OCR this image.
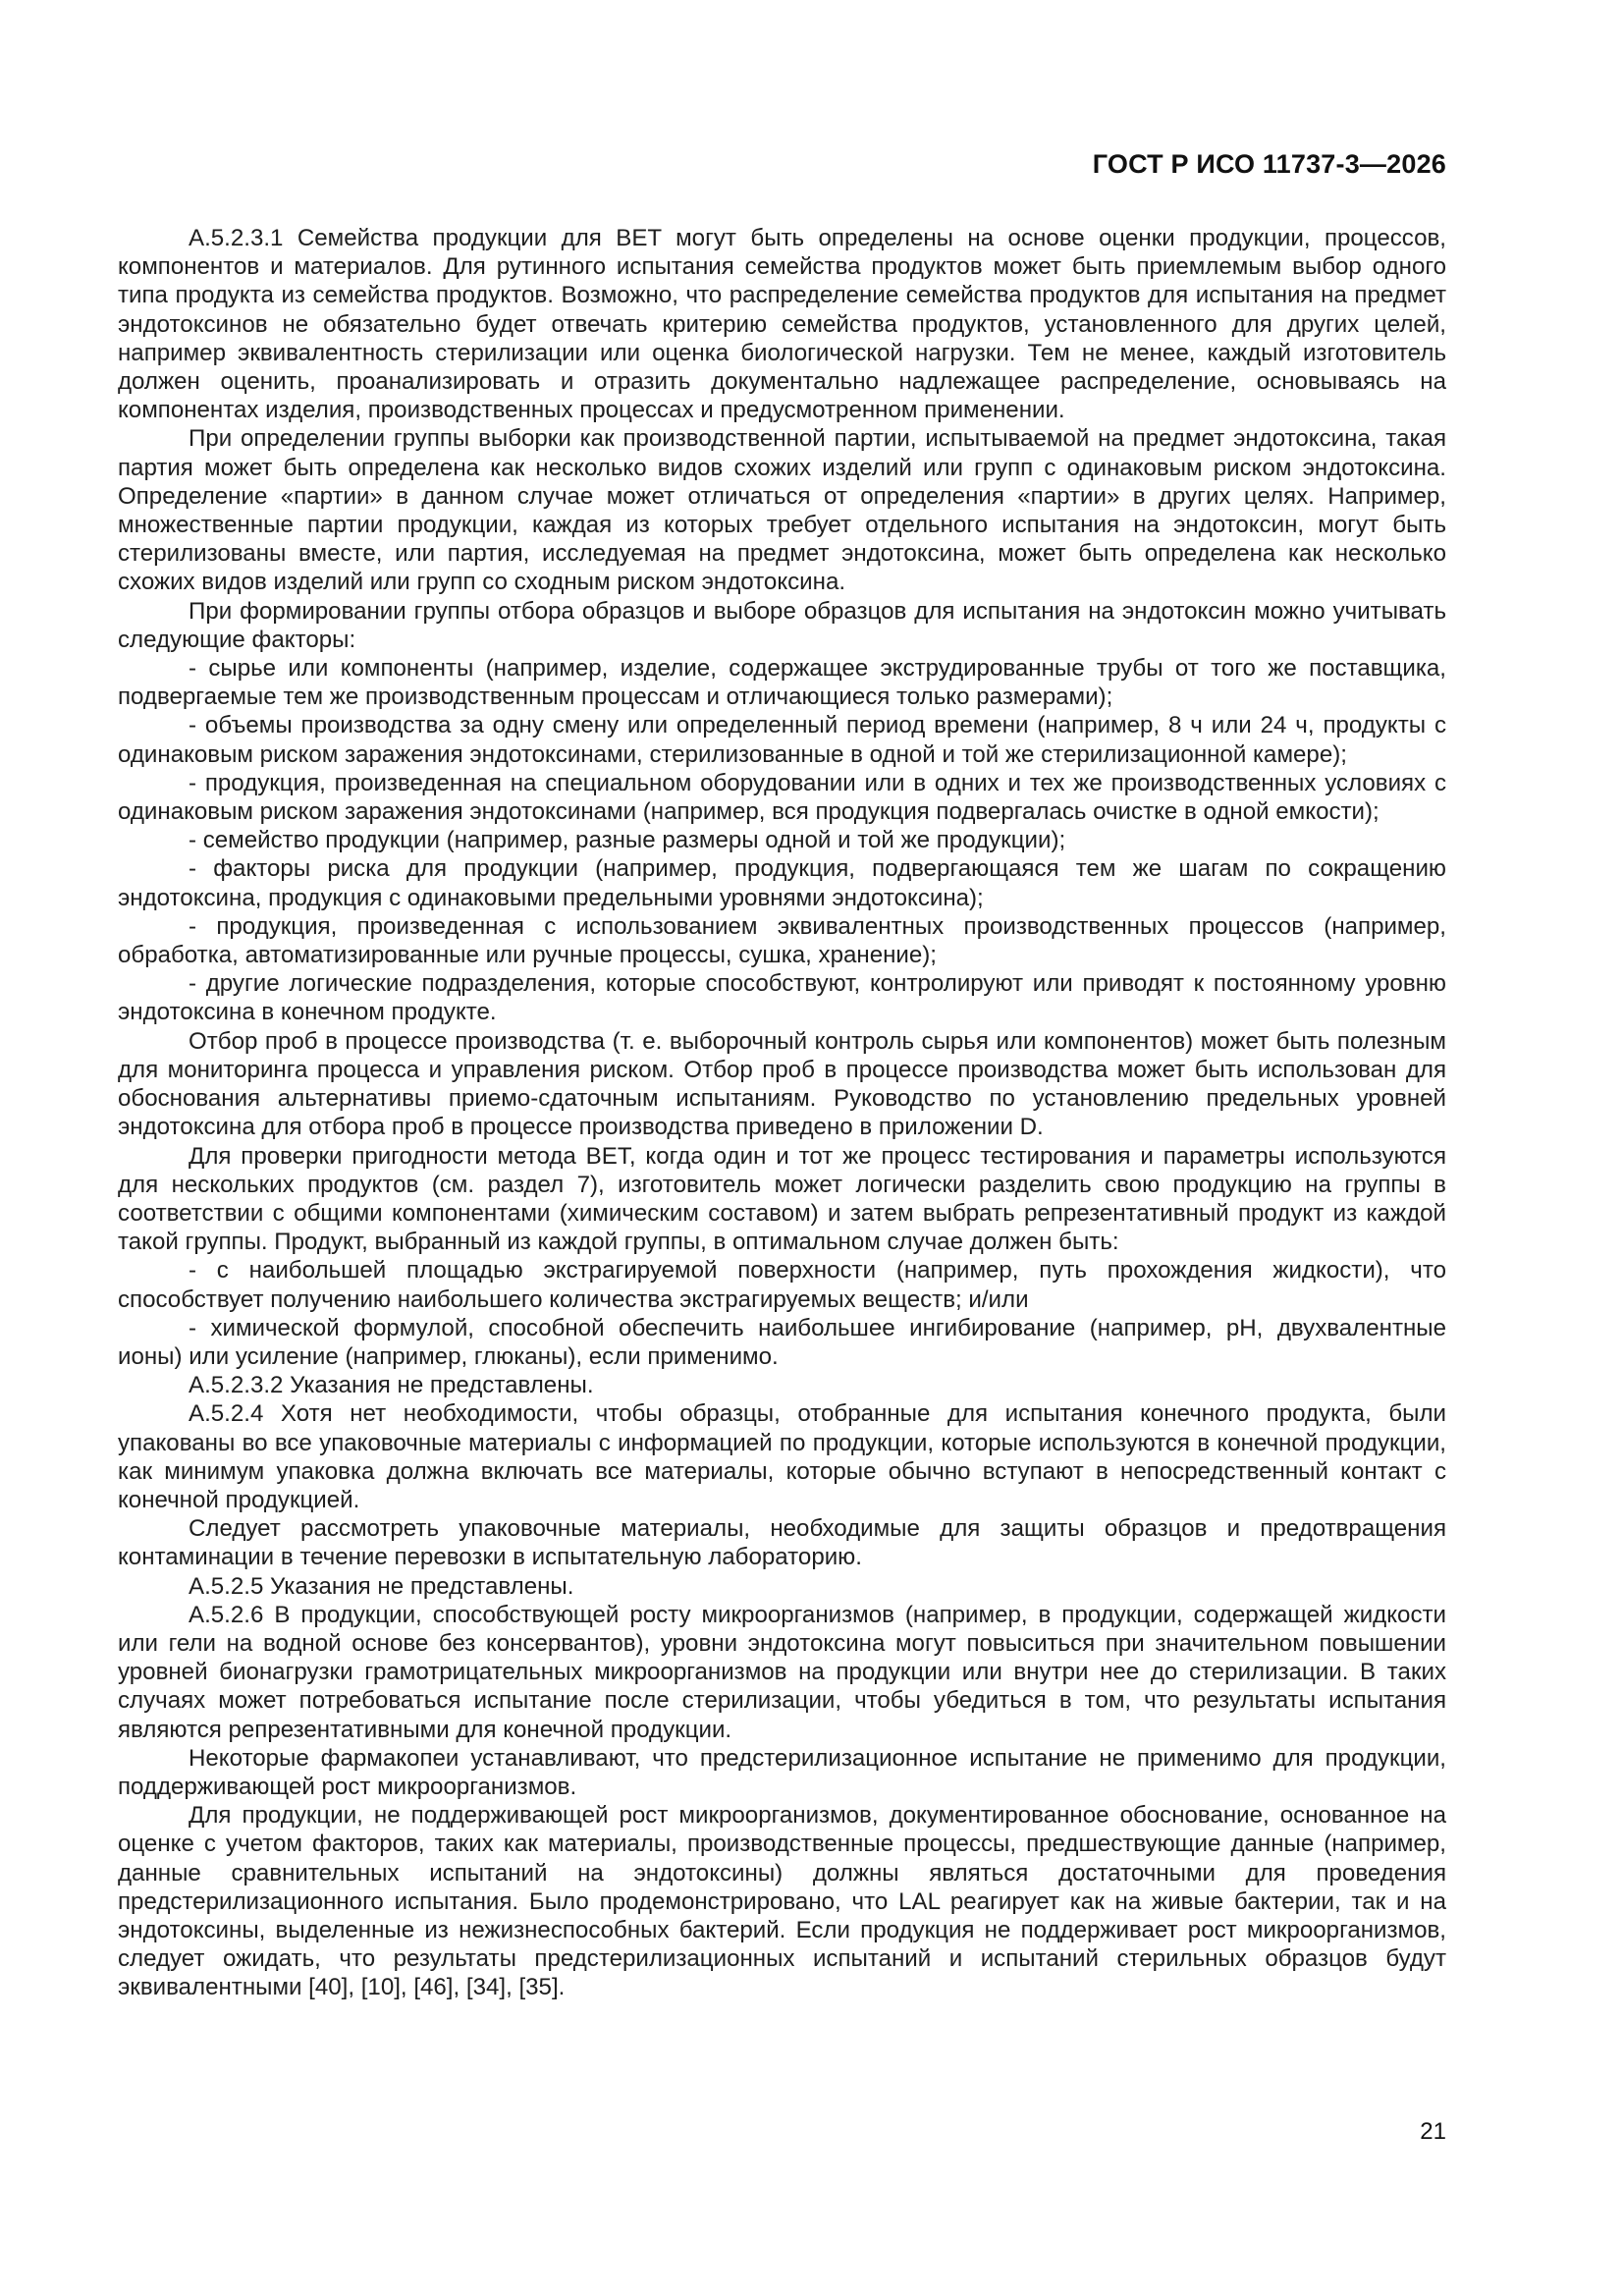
ГОСТ Р ИСО 11737-3—2026

А.5.2.3.1 Семейства продукции для BET могут быть определены на основе оценки продукции, процессов, компонентов и материалов. Для рутинного испытания семейства продуктов может быть приемлемым выбор одного типа продукта из семейства продуктов. Возможно, что распределение семейства продуктов для испытания на предмет эндотоксинов не обязательно будет отвечать критерию семейства продуктов, установленного для других целей, например эквивалентность стерилизации или оценка биологической нагрузки. Тем не менее, каждый изготовитель должен оценить, проанализировать и отразить документально надлежащее распределение, основываясь на компонентах изделия, производственных процессах и предусмотренном применении.

При определении группы выборки как производственной партии, испытываемой на предмет эндотоксина, такая партия может быть определена как несколько видов схожих изделий или групп с одинаковым риском эндотоксина. Определение «партии» в данном случае может отличаться от определения «партии» в других целях. Например, множественные партии продукции, каждая из которых требует отдельного испытания на эндотоксин, могут быть стерилизованы вместе, или партия, исследуемая на предмет эндотоксина, может быть определена как несколько схожих видов изделий или групп со сходным риском эндотоксина.

При формировании группы отбора образцов и выборе образцов для испытания на эндотоксин можно учитывать следующие факторы:

- сырье или компоненты (например, изделие, содержащее экструдированные трубы от того же поставщика, подвергаемые тем же производственным процессам и отличающиеся только размерами);

- объемы производства за одну смену или определенный период времени (например, 8 ч или 24 ч, продукты с одинаковым риском заражения эндотоксинами, стерилизованные в одной и той же стерилизационной камере);

- продукция, произведенная на специальном оборудовании или в одних и тех же производственных условиях с одинаковым риском заражения эндотоксинами (например, вся продукция подвергалась очистке в одной емкости);

- семейство продукции (например, разные размеры одной и той же продукции);

- факторы риска для продукции (например, продукция, подвергающаяся тем же шагам по сокращению эндотоксина, продукция с одинаковыми предельными уровнями эндотоксина);

- продукция, произведенная с использованием эквивалентных производственных процессов (например, обработка, автоматизированные или ручные процессы, сушка, хранение);

- другие логические подразделения, которые способствуют, контролируют или приводят к постоянному уровню эндотоксина в конечном продукте.

Отбор проб в процессе производства (т. е. выборочный контроль сырья или компонентов) может быть полезным для мониторинга процесса и управления риском. Отбор проб в процессе производства может быть использован для обоснования альтернативы приемо-сдаточным испытаниям. Руководство по установлению предельных уровней эндотоксина для отбора проб в процессе производства приведено в приложении D.

Для проверки пригодности метода BET, когда один и тот же процесс тестирования и параметры используются для нескольких продуктов (см. раздел 7), изготовитель может логически разделить свою продукцию на группы в соответствии с общими компонентами (химическим составом) и затем выбрать репрезентативный продукт из каждой такой группы. Продукт, выбранный из каждой группы, в оптимальном случае должен быть:

- с наибольшей площадью экстрагируемой поверхности (например, путь прохождения жидкости), что способствует получению наибольшего количества экстрагируемых веществ; и/или

- химической формулой, способной обеспечить наибольшее ингибирование (например, pH, двухвалентные ионы) или усиление (например, глюканы), если применимо.

А.5.2.3.2 Указания не представлены.

А.5.2.4 Хотя нет необходимости, чтобы образцы, отобранные для испытания конечного продукта, были упакованы во все упаковочные материалы с информацией по продукции, которые используются в конечной продукции, как минимум упаковка должна включать все материалы, которые обычно вступают в непосредственный контакт с конечной продукцией.

Следует рассмотреть упаковочные материалы, необходимые для защиты образцов и предотвращения контаминации в течение перевозки в испытательную лабораторию.

А.5.2.5 Указания не представлены.

А.5.2.6 В продукции, способствующей росту микроорганизмов (например, в продукции, содержащей жидкости или гели на водной основе без консервантов), уровни эндотоксина могут повыситься при значительном повышении уровней бионагрузки грамотрицательных микроорганизмов на продукции или внутри нее до стерилизации. В таких случаях может потребоваться испытание после стерилизации, чтобы убедиться в том, что результаты испытания являются репрезентативными для конечной продукции.

Некоторые фармакопеи устанавливают, что предстерилизационное испытание не применимо для продукции, поддерживающей рост микроорганизмов.

Для продукции, не поддерживающей рост микроорганизмов, документированное обоснование, основанное на оценке с учетом факторов, таких как материалы, производственные процессы, предшествующие данные (например, данные сравнительных испытаний на эндотоксины) должны являться достаточными для проведения предстерилизационного испытания. Было продемонстрировано, что LAL реагирует как на живые бактерии, так и на эндотоксины, выделенные из нежизнеспособных бактерий. Если продукция не поддерживает рост микроорганизмов, следует ожидать, что результаты предстерилизационных испытаний и испытаний стерильных образцов будут эквивалентными [40], [10], [46], [34], [35].

21
